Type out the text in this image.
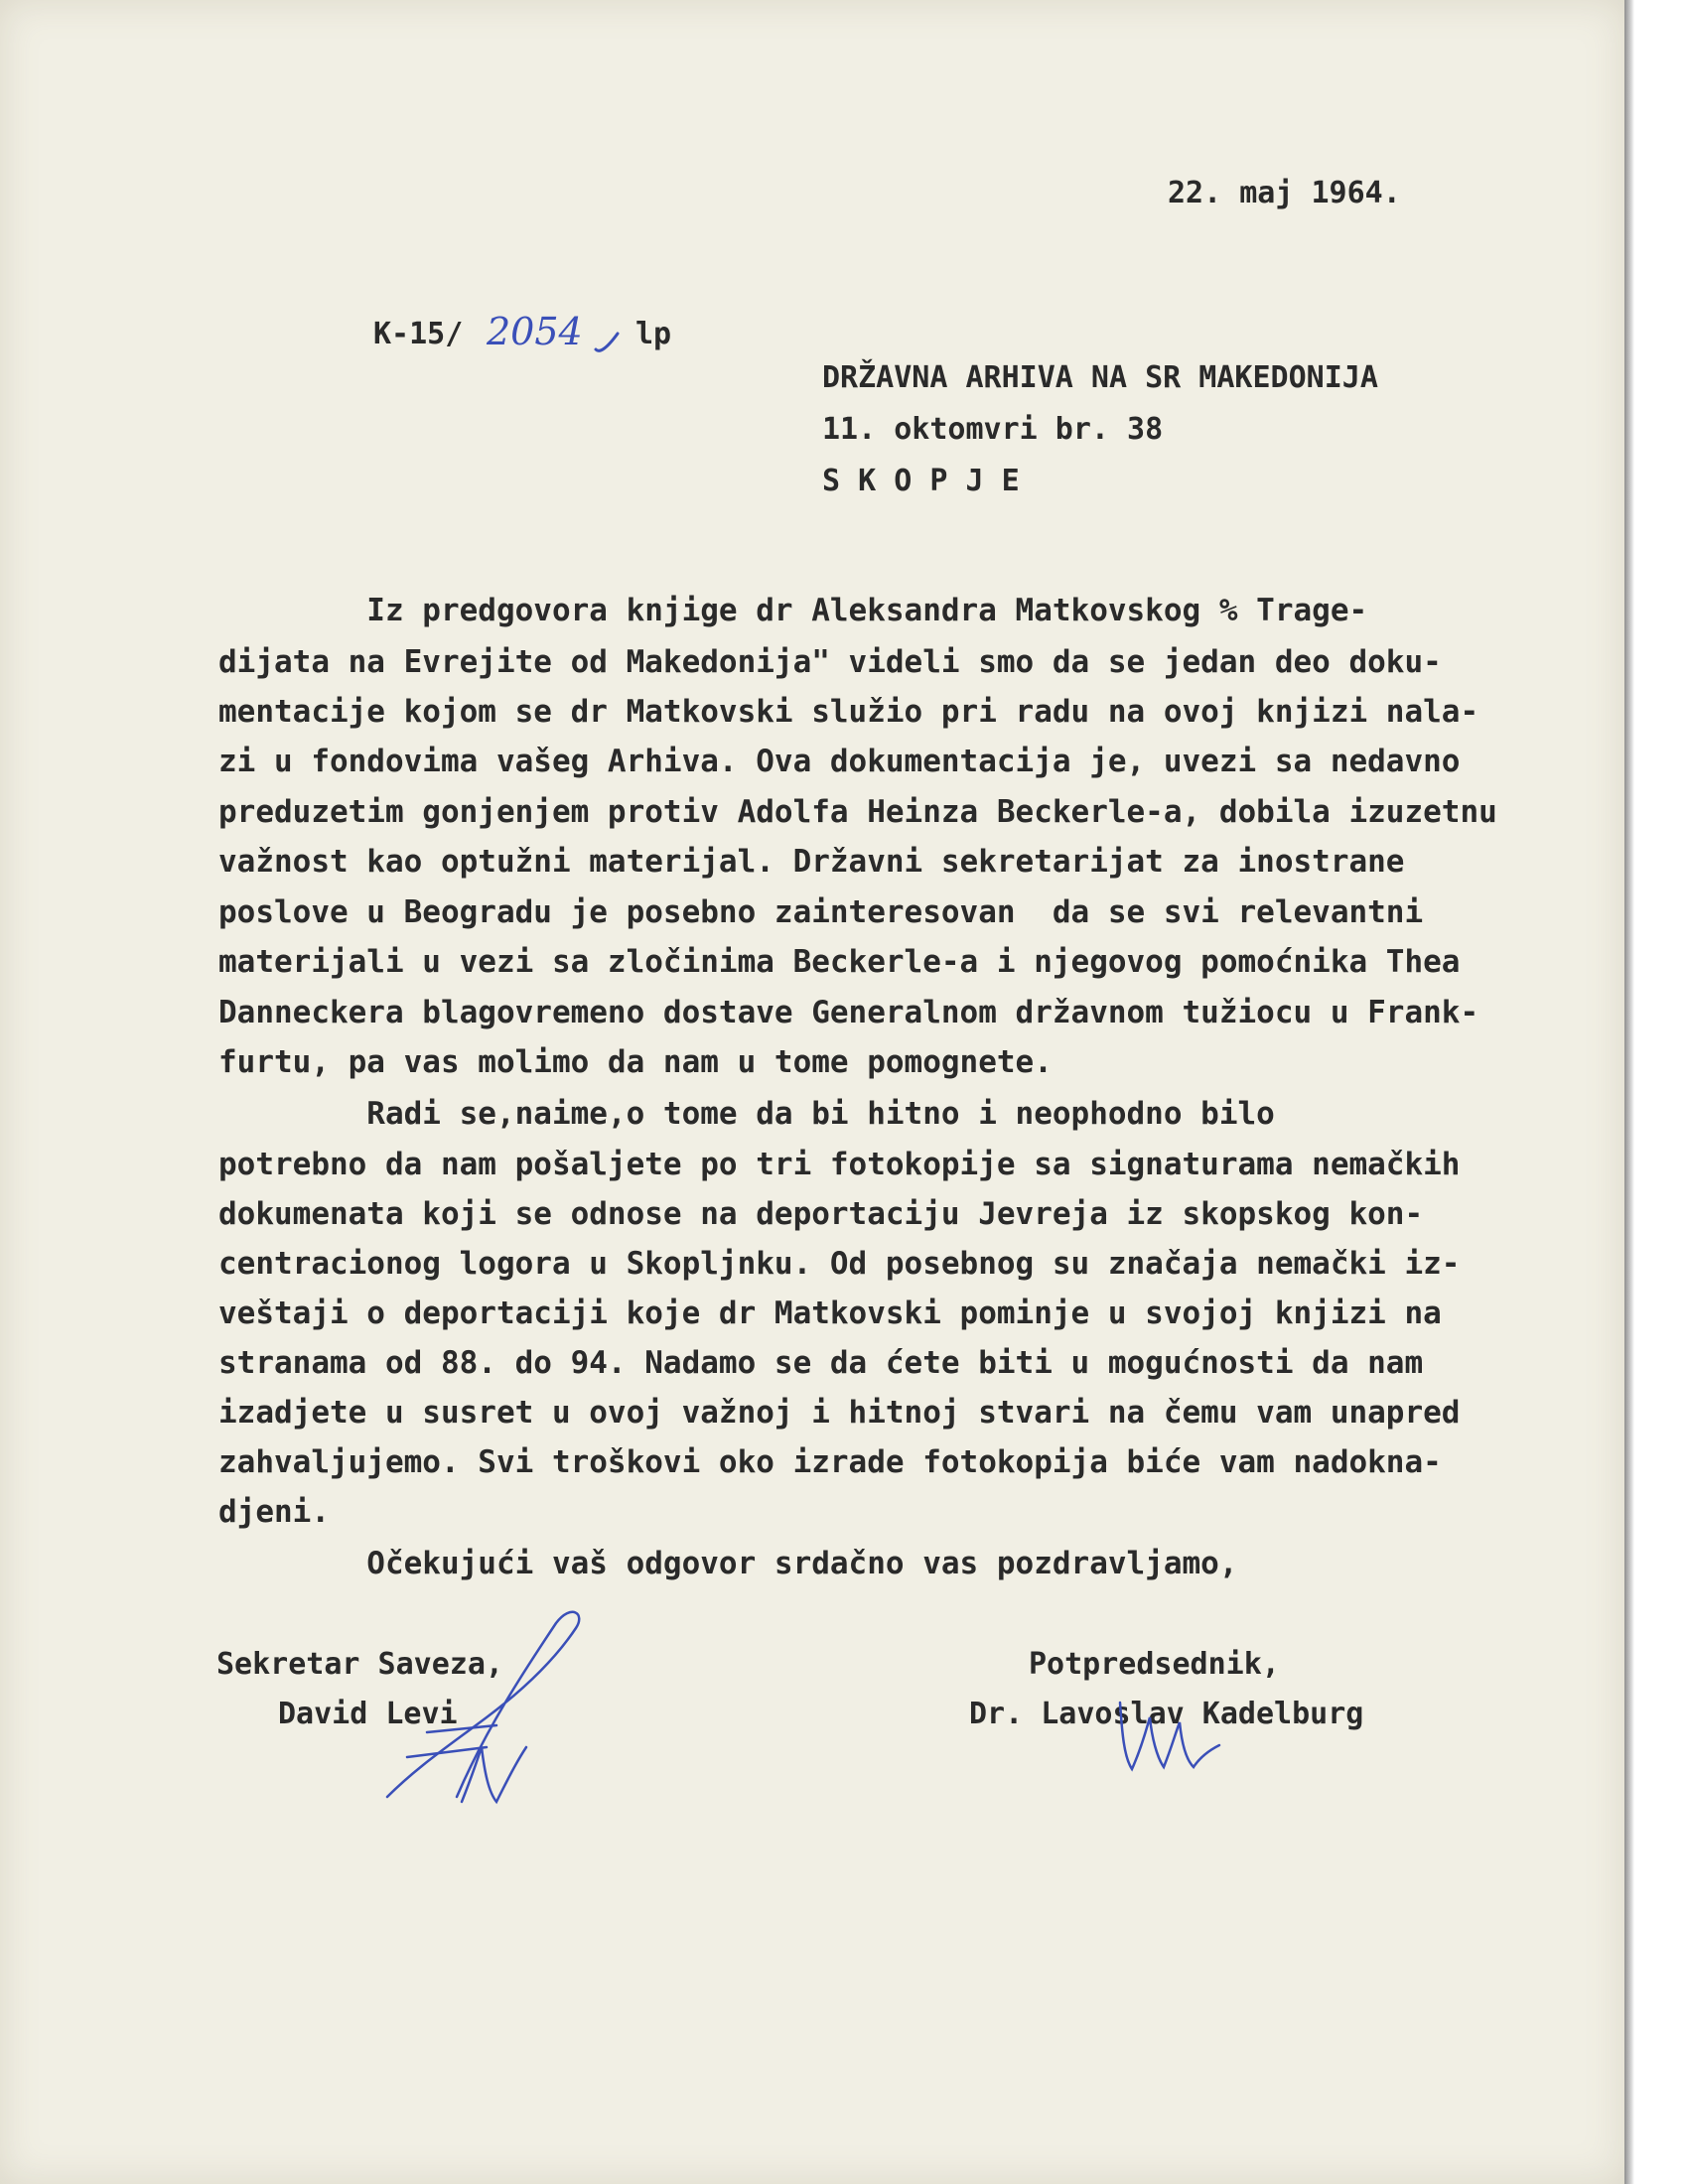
22. maj 1964.
K-15/ 2054 lp
DRŽAVNA ARHIVA NA SR MAKEDONIJA
11. oktomvri br. 38
S K O P J E
Iz predgovora knjige dr Aleksandra Matkovskog % Trage-
dijata na Evrejite od Makedonija" videli smo da se jedan deo doku-
mentacije kojom se dr Matkovski služio pri radu na ovoj knjizi nala-
zi u fondovima vašeg Arhiva. Ova dokumentacija je, uvezi sa nedavno
preduzetim gonjenjem protiv Adolfa Heinza Beckerle-a, dobila izuzetnu
važnost kao optužni materijal. Državni sekretarijat za inostrane
poslove u Beogradu je posebno zainteresovan  da se svi relevantni
materijali u vezi sa zločinima Beckerle-a i njegovog pomoćnika Thea
Danneckera blagovremeno dostave Generalnom državnom tužiocu u Frank-
furtu, pa vas molimo da nam u tome pomognete.
Radi se,naime,o tome da bi hitno i neophodno bilo
potrebno da nam pošaljete po tri fotokopije sa signaturama nemačkih
dokumenata koji se odnose na deportaciju Jevreja iz skopskog kon-
centracionog logora u Skopljnku. Od posebnog su značaja nemački iz-
veštaji o deportaciji koje dr Matkovski pominje u svojoj knjizi na
stranama od 88. do 94. Nadamo se da ćete biti u mogućnosti da nam
izadjete u susret u ovoj važnoj i hitnoj stvari na čemu vam unapred
zahvaljujemo. Svi troškovi oko izrade fotokopija biće vam nadokna-
djeni.
Očekujući vaš odgovor srdačno vas pozdravljamo,
Sekretar Saveza,
David Levi
Potpredsednik,
Dr. Lavoslav Kadelburg
